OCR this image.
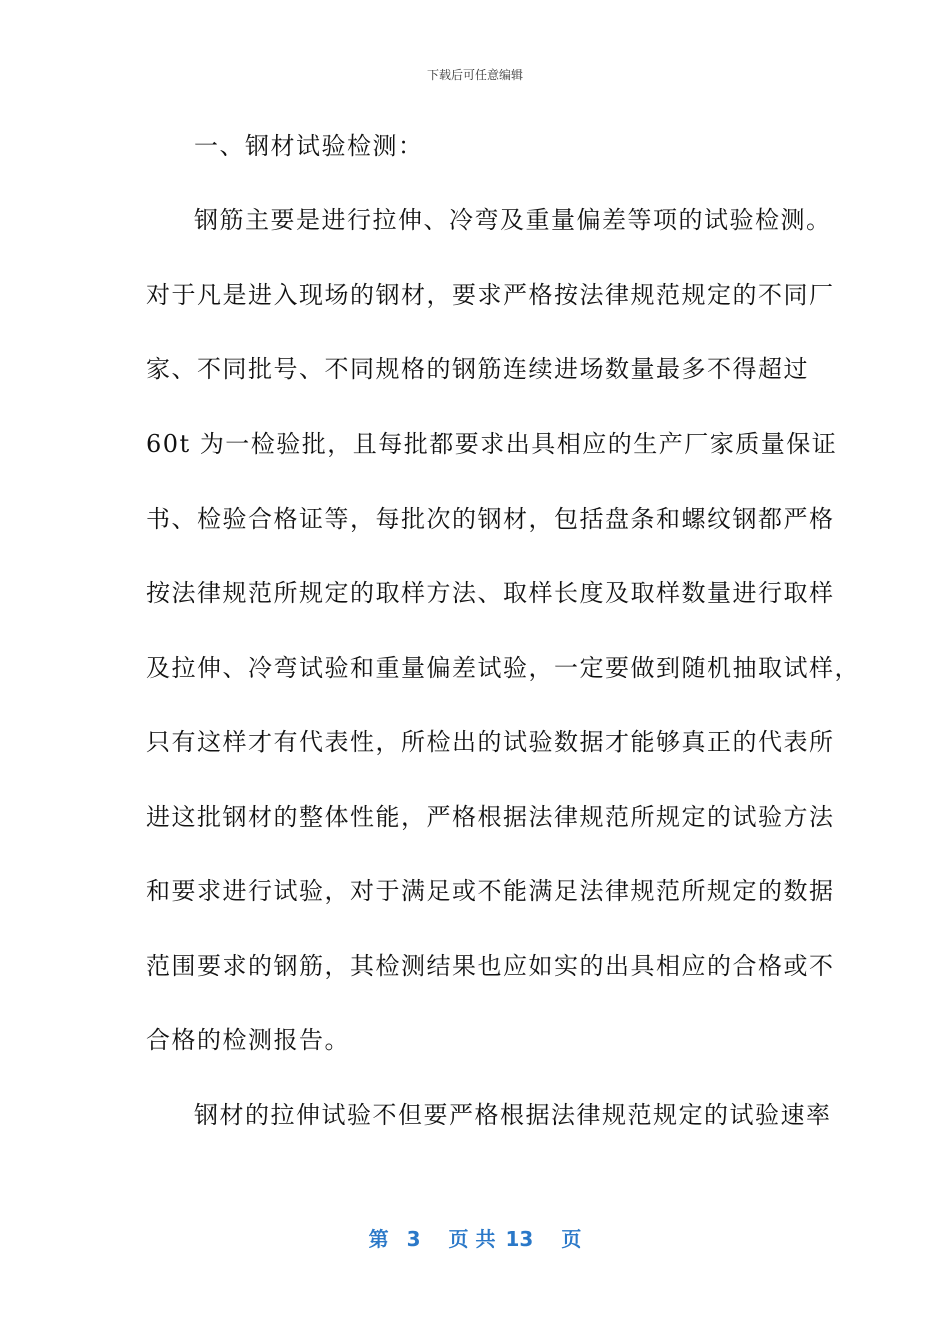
下载后可任意编辑
一、钢材试验检测：
钢筋主要是进行拉伸、冷弯及重量偏差等项的试验检测。
对于凡是进入现场的钢材，要求严格按法律规范规定的不同厂
家、不同批号、不同规格的钢筋连续进场数量最多不得超过
60t 为一检验批，且每批都要求出具相应的生产厂家质量保证
书、检验合格证等，每批次的钢材，包括盘条和螺纹钢都严格
按法律规范所规定的取样方法、取样长度及取样数量进行取样
及拉伸、冷弯试验和重量偏差试验，一定要做到随机抽取试样，
只有这样才有代表性，所检出的试验数据才能够真正的代表所
进这批钢材的整体性能，严格根据法律规范所规定的试验方法
和要求进行试验，对于满足或不能满足法律规范所规定的数据
范围要求的钢筋，其检测结果也应如实的出具相应的合格或不
合格的检测报告。
钢材的拉伸试验不但要严格根据法律规范规定的试验速率
第 3 页 共 13 页
